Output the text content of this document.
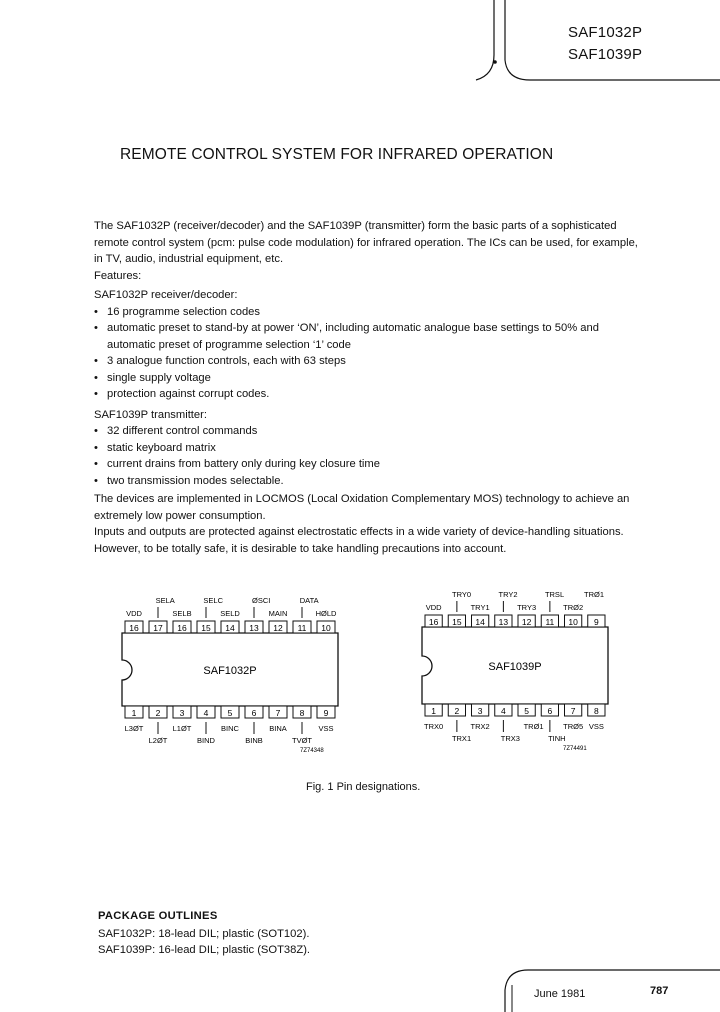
SAF1032P
SAF1039P
REMOTE CONTROL SYSTEM FOR INFRARED OPERATION

The SAF1032P (receiver/decoder) and the SAF1039P (transmitter) form the basic parts of a sophisticated remote control system (pcm: pulse code modulation) for infrared operation. The ICs can be used, for example, in TV, audio, industrial equipment, etc.

Features:

SAF1032P receiver/decoder:

• 16 programme selection codes
• automatic preset to stand-by at power ‘ON’, including automatic analogue base settings to 50% and automatic preset of programme selection ‘1’ code
• 3 analogue function controls, each with 63 steps
• single supply voltage
• protection against corrupt codes.

SAF1039P transmitter:

• 32 different control commands
• static keyboard matrix
• current drains from battery only during key closure time
• two transmission modes selectable.

The devices are implemented in LOCMOS (Local Oxidation Complementary MOS) technology to achieve an extremely low power consumption.

Inputs and outputs are protected against electrostatic effects in a wide variety of device-handling situations. However, to be totally safe, it is desirable to take handling precautions into account.

SAF1032P
16 17 16 15 14 13 12 11 10
1 2 3 4 5 6 7 8 9
SELA	SELC	ØSCI	DATA
VDD	SELB	SELD	MAIN	HØLD
L3ØT	L1ØT	BINC	BINA	VSS
L2ØT	BIND	BINB	TVØT
7Z74348
SAF1039P
16 15 14 13 12 11 10 9
1 2 3 4 5 6 7 8
TRY0	TRY2	TRSL	TRØ1
VDD	TRY1	TRY3	TRØ2
TRX0	TRX2	TRØ1	TRØ5 VSS
TRX1	TRX3	TINH
7Z74491
Fig. 1 Pin designations.
PACKAGE OUTLINES
SAF1032P: 18-lead DIL; plastic (SOT102).
SAF1039P: 16-lead DIL; plastic (SOT38Z).
June 1981	787
